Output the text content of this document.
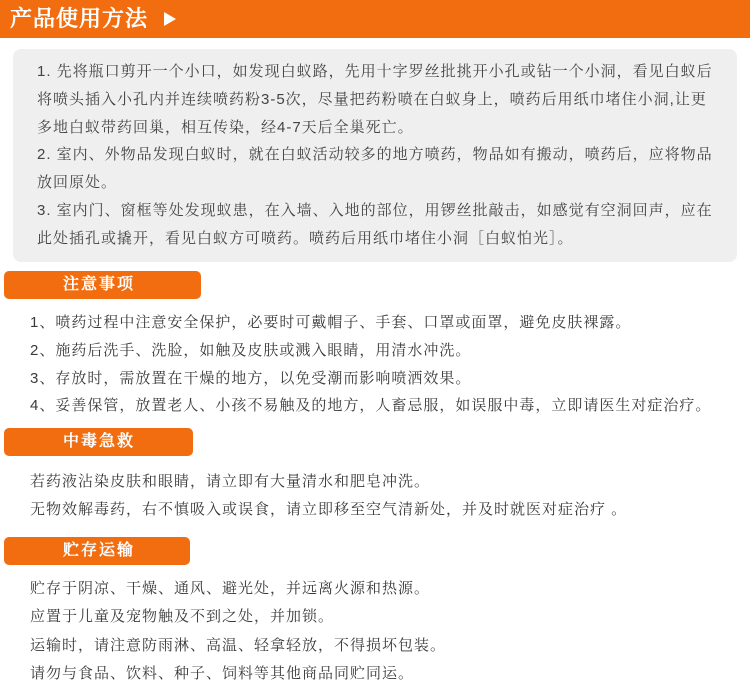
产品使用方法
1. 先将瓶口剪开一个小口，如发现白蚁路，先用十字罗丝批挑开小孔或钻一个小洞，看见白蚁后
将喷头插入小孔内并连续喷药粉3-5次，尽量把药粉喷在白蚁身上，喷药后用纸巾堵住小洞,让更
多地白蚁带药回巢，相互传染，经4-7天后全巢死亡。
2. 室内、外物品发现白蚁时，就在白蚁活动较多的地方喷药，物品如有搬动，喷药后，应将物品
放回原处。
3. 室内门、窗框等处发现蚁患，在入墙、入地的部位，用锣丝批敲击，如感觉有空洞回声，应在
此处插孔或撬开，看见白蚁方可喷药。喷药后用纸巾堵住小洞［白蚁怕光］。
注意事项
1、喷药过程中注意安全保护，必要时可戴帽子、手套、口罩或面罩，避免皮肤裸露。
2、施药后洗手、洗脸，如触及皮肤或溅入眼睛，用清水冲洗。
3、存放时，需放置在干燥的地方，以免受潮而影响喷洒效果。
4、妥善保管，放置老人、小孩不易触及的地方，人畜忌服，如误服中毒，立即请医生对症治疗。
中毒急救
若药液沾染皮肤和眼睛，请立即有大量清水和肥皂冲洗。
无物效解毒药，右不慎吸入或误食，请立即移至空气清新处，并及时就医对症治疗 。
贮存运输
贮存于阴凉、干燥、通风、避光处，并远离火源和热源。
应置于儿童及宠物触及不到之处，并加锁。
运输时，请注意防雨淋、高温、轻拿轻放，不得损坏包装。
请勿与食品、饮料、种子、饲料等其他商品同贮同运。
